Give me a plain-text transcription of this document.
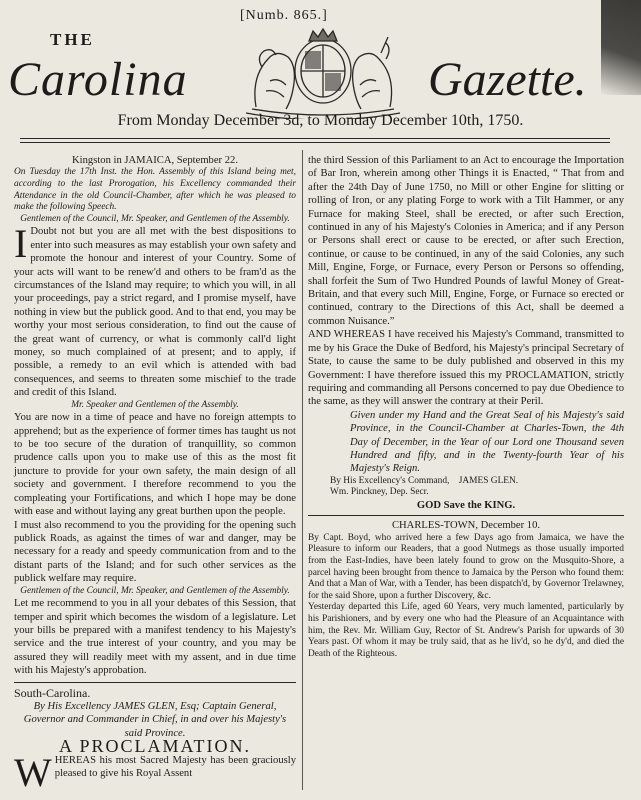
[Numb. 865.]
THE
Carolina	Gazette.
From Monday December 3d, to Monday December 10th, 1750.

Kingston in JAMAICA, September 22.

On Tuesday the 17th Inst. the Hon. Assembly of this Island being met, according to the last Prorogation, his Excellency commanded their Attendance in the old Council-Chamber, after which he was pleased to make the following Speech.

Gentlemen of the Council, Mr. Speaker, and Gentlemen of the Assembly.

I Doubt not but you are all met with the best dispositions to enter into such measures as may establish your own safety and promote the honour and interest of your Country. Some of your acts will want to be renew'd and others to be fram'd as the circumstances of the Island may require; to which you will, in all your proceedings, pay a strict regard, and I promise myself, have nothing in view but the publick good. And to that end, you may be worthy your most serious consideration, to find out the cause of the great want of currency, or what is commonly call'd light money, so much complained of at present; and to apply, if possible, a remedy to an evil which is attended with bad consequences, and seems to threaten some mischief to the trade and credit of this Island.

Mr. Speaker and Gentlemen of the Assembly.

You are now in a time of peace and have no foreign attempts to apprehend; but as the experience of former times has taught us not to be too secure of the duration of tranquillity, so common prudence calls upon you to make use of this as the most fit juncture to provide for your own safety, the main design of all society and government. I therefore recommend to you the compleating your Fortifications, and which I hope may be done with ease and without laying any great burthen upon the people.

I must also recommend to you the providing for the opening such publick Roads, as against the times of war and danger, may be necessary for a ready and speedy communication from and to the distant parts of the Island; and for such other services as the publick welfare may require.

Gentlemen of the Council, Mr. Speaker, and Gentlemen of the Assembly.

Let me recommend to you in all your debates of this Session, that temper and spirit which becomes the wisdom of a legislature. Let your bills be prepared with a manifest tendency to his Majesty's service and the true interest of your country, and you may be assured they will readily meet with my assent, and in due time with his Majesty's approbation.

South-Carolina.

By His Excellency JAMES GLEN, Esq; Captain General, Governor and Commander in Chief, in and over his Majesty's said Province.

A PROCLAMATION.

WHEREAS his most Sacred Majesty has been graciously pleased to give his Royal Assent

the third Session of this Parliament to an Act to encourage the Importation of Bar Iron, wherein among other Things it is Enacted, “ That from and after the 24th Day of June 1750, no Mill or other Engine for slitting or rolling of Iron, or any plating Forge to work with a Tilt Hammer, or any Furnace for making Steel, shall be erected, or after such Erection, continued in any of his Majesty's Colonies in America; and if any Person or Persons shall erect or cause to be erected, or after such Erection, continue, or cause to be continued, in any of the said Colonies, any such Mill, Engine, Forge, or Furnace, every Person or Persons so offending, shall forfeit the Sum of Two Hundred Pounds of lawful Money of Great-Britain, and that every such Mill, Engine, Forge, or Furnace so erected or continued, contrary to the Directions of this Act, shall be deemed a common Nuisance.”

AND WHEREAS I have received his Majesty's Command, transmitted to me by his Grace the Duke of Bedford, his Majesty's principal Secretary of State, to cause the same to be duly published and observed in this my Government: I have therefore issued this my PROCLAMATION, strictly requiring and commanding all Persons concerned to pay due Obedience to the same, as they will answer the contrary at their Peril.

Given under my Hand and the Great Seal of his Majesty's said Province, in the Council-Chamber at Charles-Town, the 4th Day of December, in the Year of our Lord one Thousand seven Hundred and fifty, and in the Twenty-fourth Year of his Majesty's Reign.

By His Excellency's Command, JAMES GLEN.

Wm. Pinckney, Dep. Secr.

GOD Save the KING.

CHARLES-TOWN, December 10.

By Capt. Boyd, who arrived here a few Days ago from Jamaica, we have the Pleasure to inform our Readers, that a good Nutmegs as those usually imported from the East-Indies, have been lately found to grow on the Musquito-Shore, a parcel having been brought from thence to Jamaica by the Person who found them: And that a Man of War, with a Tender, has been dispatch'd, by Governor Trelawney, for the said Shore, upon a further Discovery, &c.

Yesterday departed this Life, aged 60 Years, very much lamented, particularly by his Parishioners, and by every one who had the Pleasure of an Acquaintance with him, the Rev. Mr. William Guy, Rector of St. Andrew's Parish for upwards of 30 Years past. Of whom it may be truly said, that as he liv'd, so he dy'd, and died the Death of the Righteous.
